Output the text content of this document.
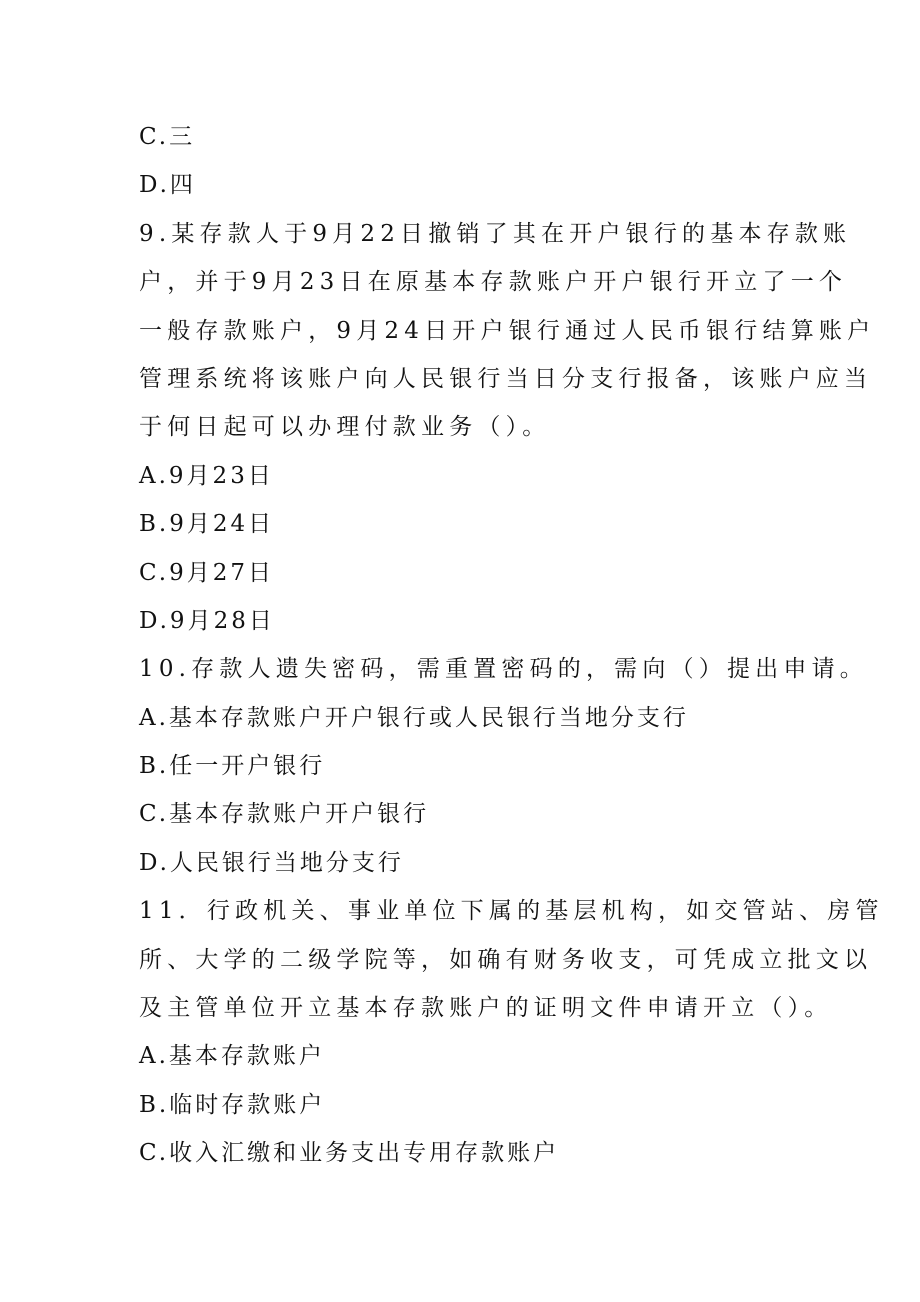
C.三
D.四
9.某存款人于9月22日撤销了其在开户银行的基本存款账
户，并于9月23日在原基本存款账户开户银行开立了一个
一般存款账户，9月24日开户银行通过人民币银行结算账户
管理系统将该账户向人民银行当日分支行报备，该账户应当
于何日起可以办理付款业务（）。
A.9月23日
B.9月24日
C.9月27日
D.9月28日
10.存款人遗失密码，需重置密码的，需向（）提出申请。
A.基本存款账户开户银行或人民银行当地分支行
B.任一开户银行
C.基本存款账户开户银行
D.人民银行当地分支行
11．行政机关、事业单位下属的基层机构，如交管站、房管
所、大学的二级学院等，如确有财务收支，可凭成立批文以
及主管单位开立基本存款账户的证明文件申请开立（）。
A.基本存款账户
B.临时存款账户
C.收入汇缴和业务支出专用存款账户
